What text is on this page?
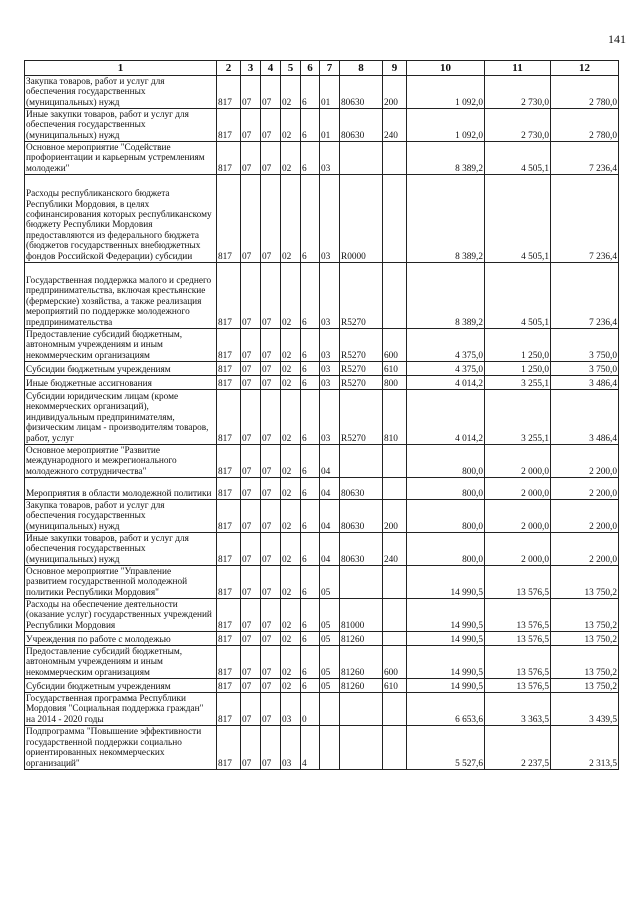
141
1	2	3	4	5	6	7	8	9	10	11	12
Закупка товаров, работ и услуг для обеспечения государственных (муниципальных) нужд	817	07	07	02	6	01	80630	200	1 092,0	2 730,0	2 780,0
Иные закупки товаров, работ и услуг для обеспечения государственных (муниципальных) нужд	817	07	07	02	6	01	80630	240	1 092,0	2 730,0	2 780,0
Основное мероприятие "Содействие профориентации и карьерным устремлениям молодежи"	817	07	07	02	6	03			8 389,2	4 505,1	7 236,4
Расходы республиканского бюджета Республики Мордовия, в целях софинансирования которых республиканскому бюджету Республики Мордовия предоставляются из федерального бюджета (бюджетов государственных внебюджетных фондов Российской Федерации) субсидии	817	07	07	02	6	03	R0000		8 389,2	4 505,1	7 236,4
Государственная поддержка малого и среднего предпринимательства, включая крестьянские (фермерские) хозяйства, а также реализация мероприятий по поддержке молодежного предпринимательства	817	07	07	02	6	03	R5270		8 389,2	4 505,1	7 236,4
Предоставление субсидий бюджетным, автономным учреждениям и иным некоммерческим организациям	817	07	07	02	6	03	R5270	600	4 375,0	1 250,0	3 750,0
Субсидии бюджетным учреждениям	817	07	07	02	6	03	R5270	610	4 375,0	1 250,0	3 750,0
Иные бюджетные ассигнования	817	07	07	02	6	03	R5270	800	4 014,2	3 255,1	3 486,4
Субсидии юридическим лицам (кроме некоммерческих организаций), индивидуальным предпринимателям, физическим лицам - производителям товаров, работ, услуг	817	07	07	02	6	03	R5270	810	4 014,2	3 255,1	3 486,4
Основное мероприятие "Развитие международного и межрегионального молодежного сотрудничества"	817	07	07	02	6	04			800,0	2 000,0	2 200,0
Мероприятия в области молодежной политики	817	07	07	02	6	04	80630		800,0	2 000,0	2 200,0
Закупка товаров, работ и услуг для обеспечения государственных (муниципальных) нужд	817	07	07	02	6	04	80630	200	800,0	2 000,0	2 200,0
Иные закупки товаров, работ и услуг для обеспечения государственных (муниципальных) нужд	817	07	07	02	6	04	80630	240	800,0	2 000,0	2 200,0
Основное мероприятие "Управление развитием государственной молодежной политики Республики Мордовия"	817	07	07	02	6	05			14 990,5	13 576,5	13 750,2
Расходы на обеспечение деятельности (оказание услуг) государственных учреждений Республики Мордовия	817	07	07	02	6	05	81000		14 990,5	13 576,5	13 750,2
Учреждения по работе с молодежью	817	07	07	02	6	05	81260		14 990,5	13 576,5	13 750,2
Предоставление субсидий бюджетным, автономным учреждениям и иным некоммерческим организациям	817	07	07	02	6	05	81260	600	14 990,5	13 576,5	13 750,2
Субсидии бюджетным учреждениям	817	07	07	02	6	05	81260	610	14 990,5	13 576,5	13 750,2
Государственная программа Республики Мордовия "Социальная поддержка граждан" на 2014 - 2020 годы	817	07	07	03	0				6 653,6	3 363,5	3 439,5
Подпрограмма "Повышение эффективности государственной поддержки социально ориентированных некоммерческих организаций"	817	07	07	03	4				5 527,6	2 237,5	2 313,5
